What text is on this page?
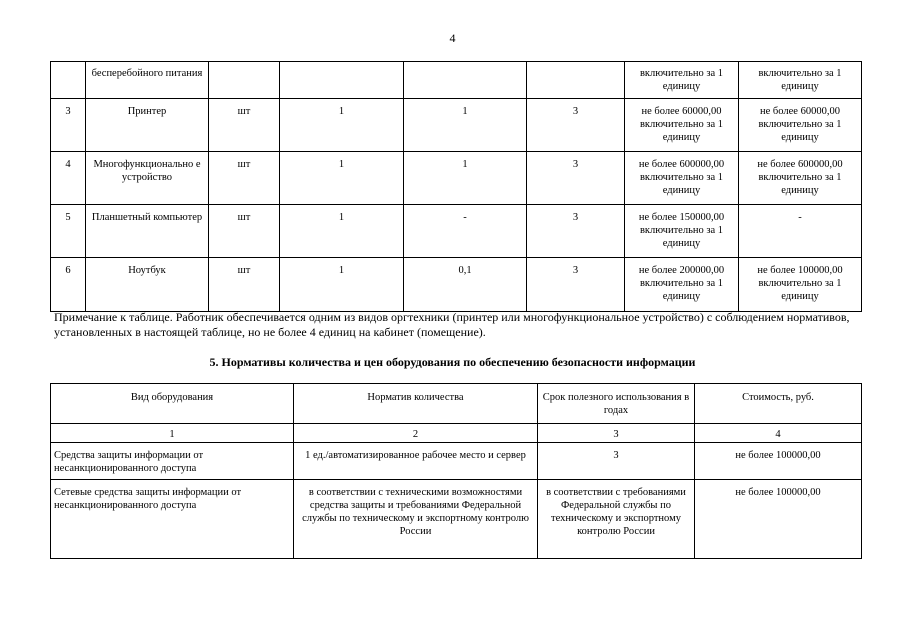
4
	бесперебойного питания					включительно за 1 единицу	включительно за 1 единицу
3	Принтер	шт	1	1	3	не более 60000,00 включительно за 1 единицу	не более 60000,00 включительно за 1 единицу
4	Многофункционально е устройство	шт	1	1	3	не более 600000,00 включительно за 1 единицу	не более 600000,00 включительно за 1 единицу
5	Планшетный компьютер	шт	1	-	3	не более 150000,00 включительно за 1 единицу	-
6	Ноутбук	шт	1	0,1	3	не более 200000,00 включительно за 1 единицу	не более 100000,00 включительно за 1 единицу
Примечание к таблице. Работник обеспечивается одним из видов оргтехники (принтер или многофункциональное устройство) с соблюдением нормативов, установленных в настоящей таблице, но не более 4 единиц на кабинет (помещение).
5. Нормативы количества и цен оборудования по обеспечению безопасности информации
Вид оборудования	Норматив количества	Срок полезного использования в годах	Стоимость, руб.
1	2	3	4
Средства защиты информации от несанкционированного доступа	1 ед./автоматизированное рабочее место и сервер	3	не более 100000,00
Сетевые средства защиты информации от несанкционированного доступа	в соответствии с техническими возможностями средства защиты и требованиями Федеральной службы по техническому и экспортному контролю России	в соответствии с требованиями Федеральной службы по техническому и экспортному контролю России	не более 100000,00
